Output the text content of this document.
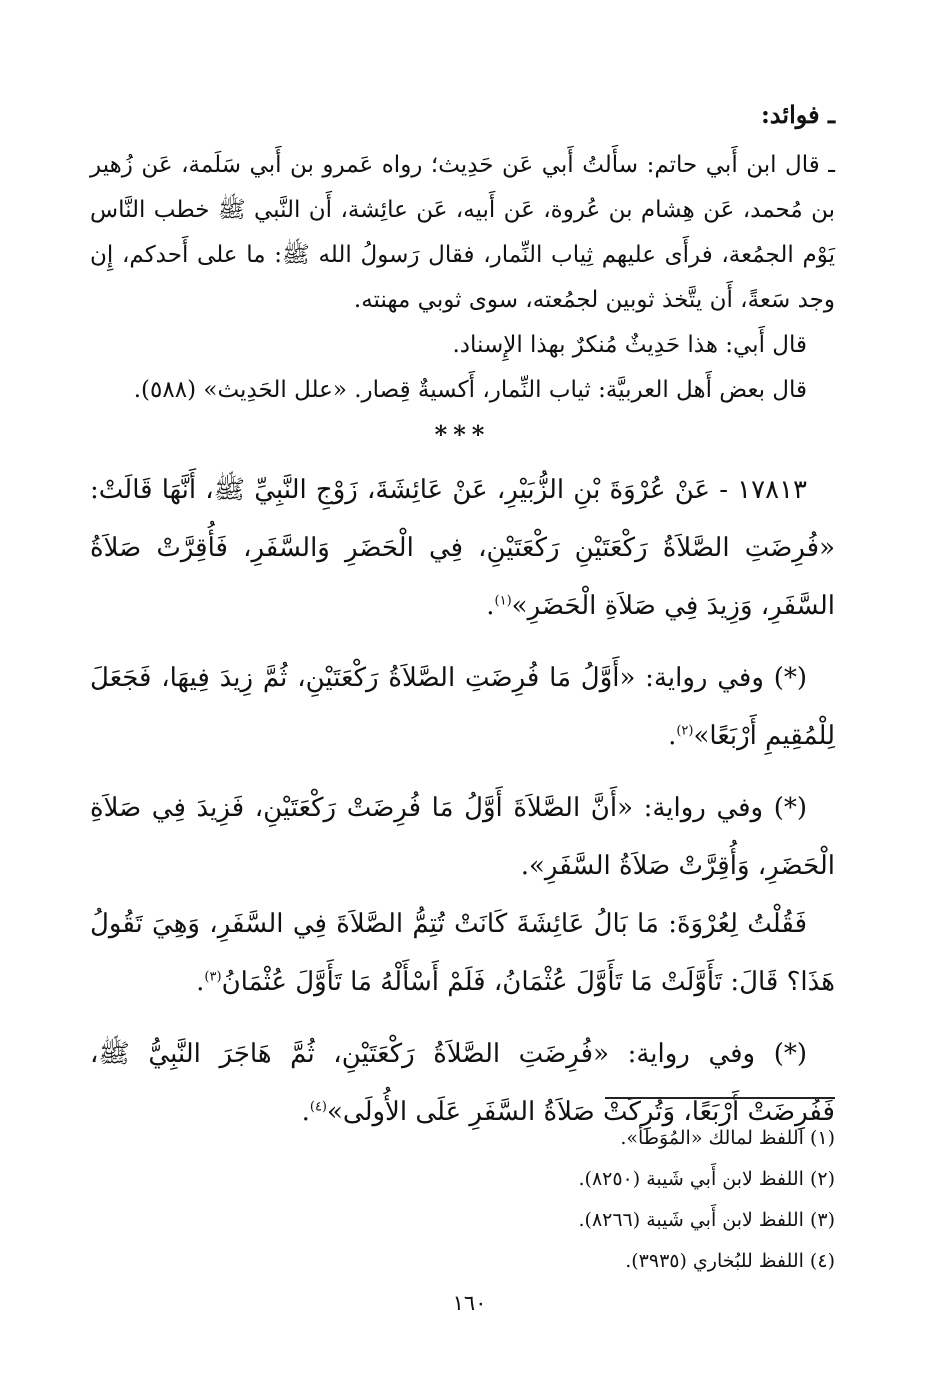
ـ فوائد:

ـ قال ابن أَبي حاتم: سأَلتُ أَبي عَن حَدِيث؛ رواه عَمرو بن أَبي سَلَمة، عَن زُهير بن مُحمد، عَن هِشام بن عُروة، عَن أَبيه، عَن عائِشة، أَن النَّبي ﷺ خطب النَّاس يَوْم الجمُعة، فرأَى عليهم ثِياب النِّمار، فقال رَسولُ الله ﷺ: ما على أَحدكم، إِن وجد سَعةً، أَن يتَّخذ ثوبين لجمُعته، سوى ثوبي مهنته.

قال أَبي: هذا حَدِيثٌ مُنكرٌ بهذا الإِسناد.

قال بعض أَهل العربيَّة: ثياب النِّمار، أَكسيةٌ قِصار. «علل الحَدِيث» (٥٨٨).

***

١٧٨١٣ - عَنْ عُرْوَةَ بْنِ الزُّبَيْرِ، عَنْ عَائِشَةَ، زَوْجِ النَّبِيِّ ﷺ، أَنَّهَا قَالَتْ: «فُرِضَتِ الصَّلاَةُ رَكْعَتَيْنِ رَكْعَتَيْنِ، فِي الْحَضَرِ وَالسَّفَرِ، فَأُقِرَّتْ صَلاَةُ السَّفَرِ، وَزِيدَ فِي صَلاَةِ الْحَضَرِ»$^{(١)}$.

(*) وفي رواية: «أَوَّلُ مَا فُرِضَتِ الصَّلاَةُ رَكْعَتَيْنِ، ثُمَّ زِيدَ فِيهَا، فَجَعَلَ لِلْمُقِيمِ أَرْبَعًا»$^{(٢)}$.

(*) وفي رواية: «أَنَّ الصَّلاَةَ أَوَّلُ مَا فُرِضَتْ رَكْعَتَيْنِ، فَزِيدَ فِي صَلاَةِ الْحَضَرِ، وَأُقِرَّتْ صَلاَةُ السَّفَرِ».

فَقُلْتُ لِعُرْوَةَ: مَا بَالُ عَائِشَةَ كَانَتْ تُتِمُّ الصَّلاَةَ فِي السَّفَرِ، وَهِيَ تَقُولُ هَذَا؟ قَالَ: تَأَوَّلَتْ مَا تَأَوَّلَ عُثْمَانُ، فَلَمْ أَسْأَلْهُ مَا تَأَوَّلَ عُثْمَانُ$^{(٣)}$.

(*) وفي رواية: «فُرِضَتِ الصَّلاَةُ رَكْعَتَيْنِ، ثُمَّ هَاجَرَ النَّبِيُّ ﷺ، فَفُرِضَتْ أَرْبَعًا، وَتُرِكَتْ صَلاَةُ السَّفَرِ عَلَى الأُولَى»$^{(٤)}$.

(١) اللفظ لمالك «المُوَطأ».

(٢) اللفظ لابن أَبي شَيبة (٨٢٥٠).

(٣) اللفظ لابن أَبي شَيبة (٨٢٦٦).

(٤) اللفظ للبُخاري (٣٩٣٥).

١٦٠
